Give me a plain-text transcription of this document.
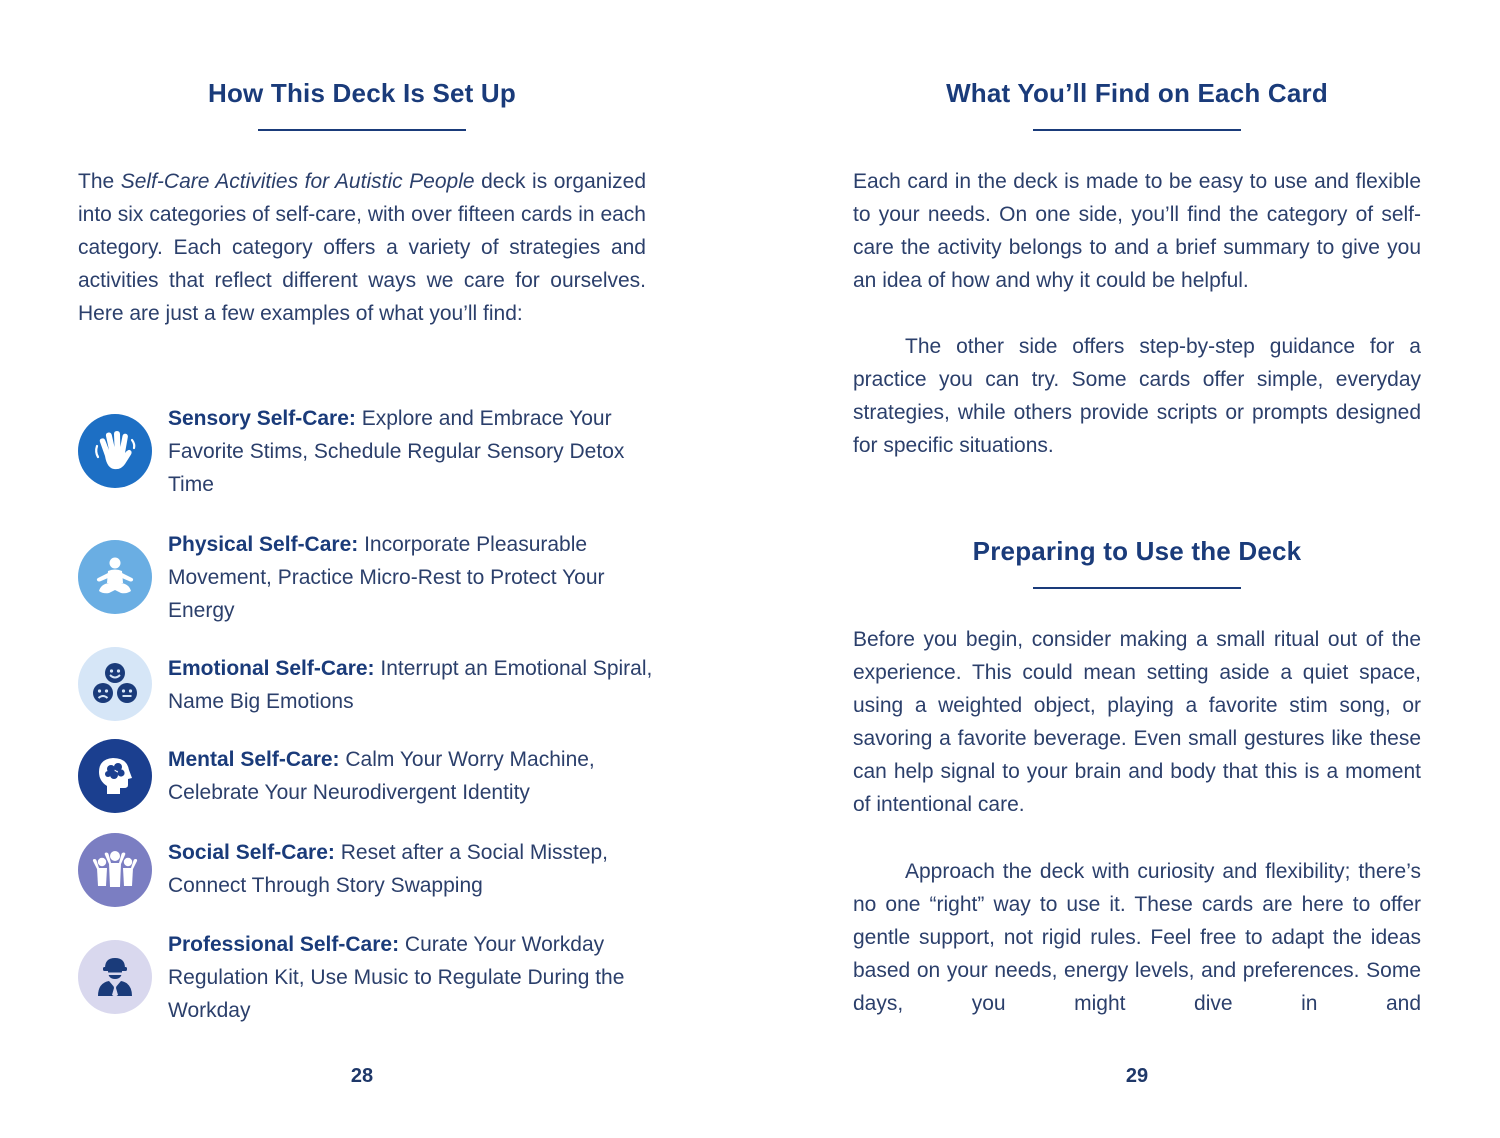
How This Deck Is Set Up

The Self-Care Activities for Autistic People deck is organized into six categories of self-care, with over fifteen cards in each category. Each category offers a variety of strategies and activities that reflect different ways we care for ourselves. Here are just a few examples of what you’ll find:

Sensory Self-Care: Explore and Embrace Your Favorite Stims, Schedule Regular Sensory Detox Time
Physical Self-Care: Incorporate Pleasurable Movement, Practice Micro-Rest to Protect Your Energy
Emotional Self-Care: Interrupt an Emotional Spiral, Name Big Emotions
Mental Self-Care: Calm Your Worry Machine, Celebrate Your Neurodivergent Identity
Social Self-Care: Reset after a Social Misstep, Connect Through Story Swapping
Professional Self-Care: Curate Your Workday Regulation Kit, Use Music to Regulate During the Workday
28
What You’ll Find on Each Card

Each card in the deck is made to be easy to use and flexible to your needs. On one side, you’ll find the category of self-care the activity belongs to and a brief summary to give you an idea of how and why it could be helpful.

The other side offers step-by-step guidance for a practice you can try. Some cards offer simple, everyday strategies, while others provide scripts or prompts designed for specific situations.

Preparing to Use the Deck

Before you begin, consider making a small ritual out of the experience. This could mean setting aside a quiet space, using a weighted object, playing a favorite stim song, or savoring a favorite beverage. Even small gestures like these can help signal to your brain and body that this is a moment of intentional care.

Approach the deck with curiosity and flexibility; there’s no one “right” way to use it. These cards are here to offer gentle support, not rigid rules. Feel free to adapt the ideas based on your needs, energy levels, and preferences. Some days, you might dive in and

29
